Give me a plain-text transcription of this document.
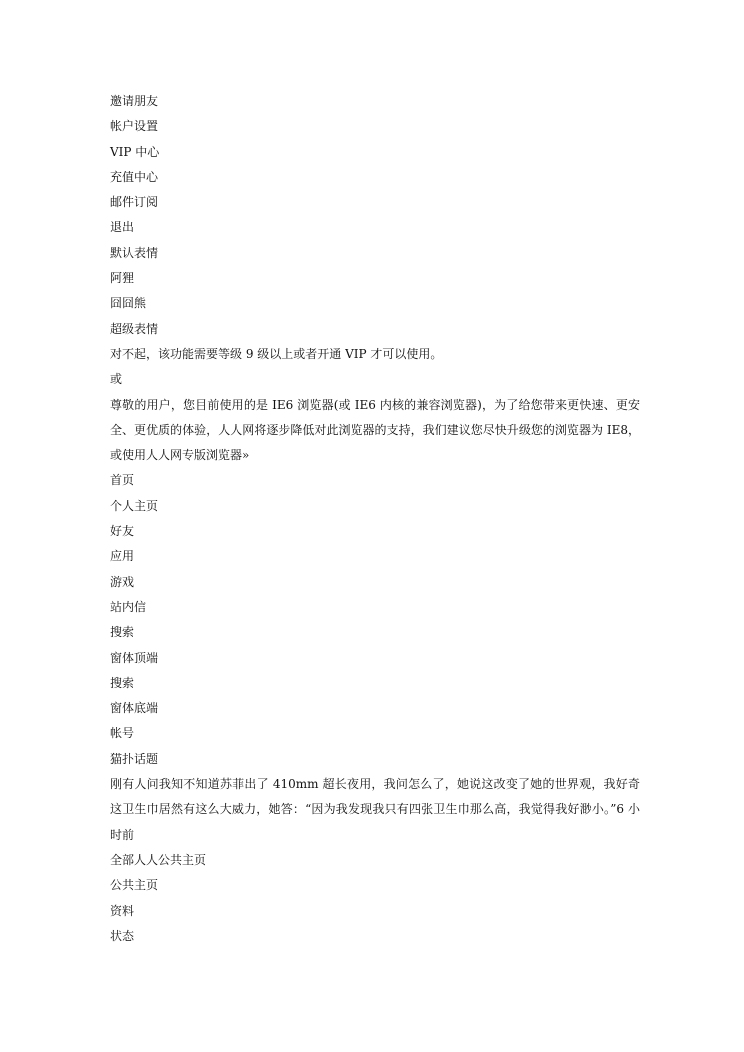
邀请朋友
帐户设置
VIP 中心
充值中心
邮件订阅
退出
默认表情
阿狸
囧囧熊
超级表情
对不起，该功能需要等级 9 级以上或者开通 VIP 才可以使用。
或

尊敬的用户，您目前使用的是 IE6 浏览器(或 IE6 内核的兼容浏览器)，为了给您带来更快速、更安全、更优质的体验，人人网将逐步降低对此浏览器的支持，我们建议您尽快升级您的浏览器为 IE8，或使用人人网专版浏览器»

首页
个人主页
好友
应用
游戏
站内信
搜索
窗体顶端
搜索
窗体底端
帐号
猫扑话题

刚有人问我知不知道苏菲出了 410mm 超长夜用，我问怎么了，她说这改变了她的世界观，我好奇这卫生巾居然有这么大威力，她答：“因为我发现我只有四张卫生巾那么高，我觉得我好渺小。”6 小时前

全部人人公共主页
公共主页
资料
状态
